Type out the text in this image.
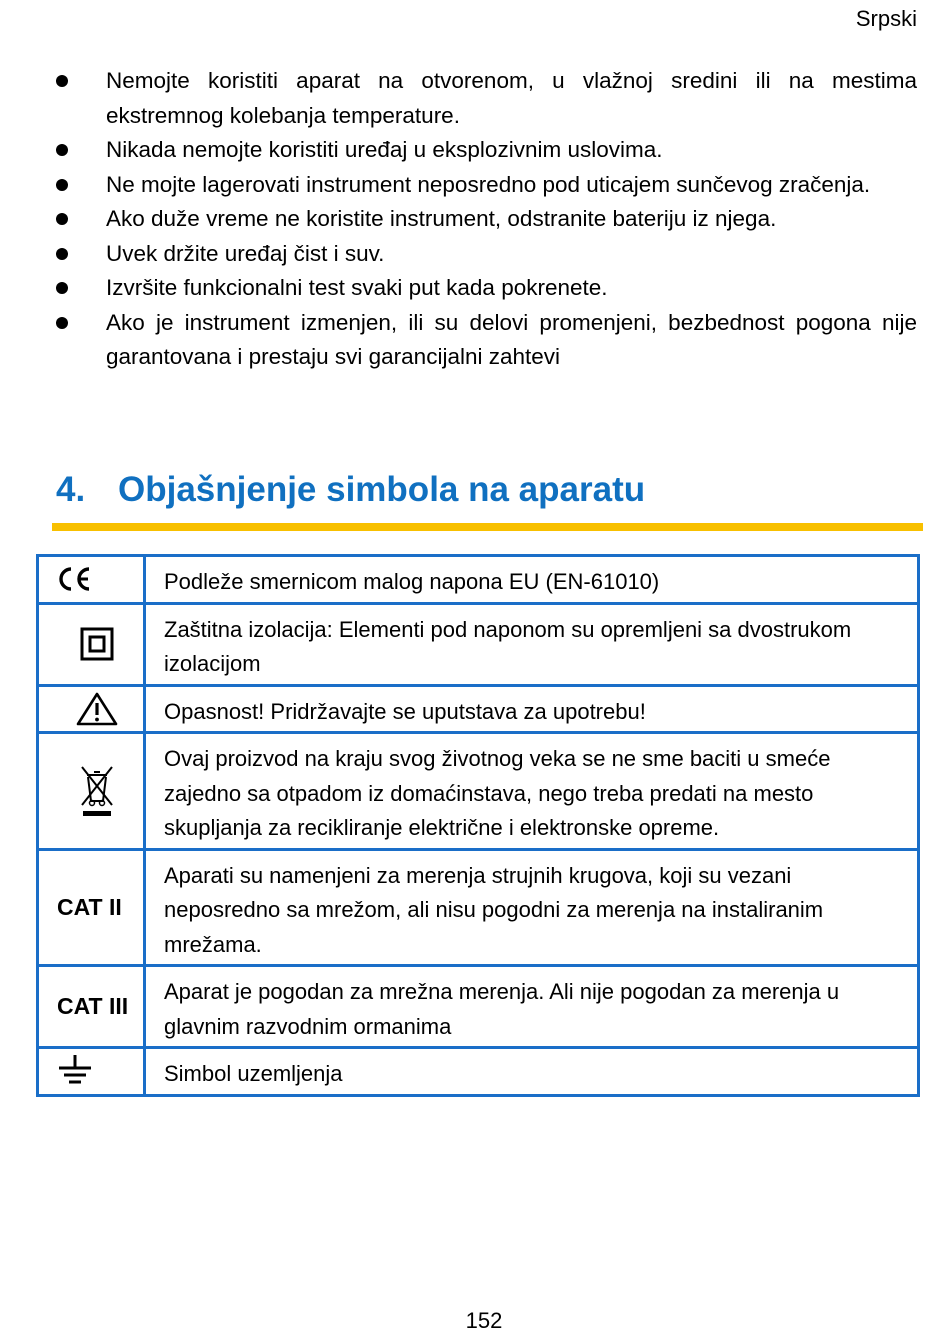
Srpski
Nemojte koristiti aparat na otvorenom, u vlažnoj sredini ili na mestima ekstremnog kolebanja temperature.
Nikada nemojte koristiti uređaj u eksplozivnim uslovima.
Ne mojte lagerovati instrument neposredno pod uticajem sunčevog zračenja.
Ako duže vreme ne koristite instrument, odstranite bateriju iz njega.
Uvek držite uređaj čist i suv.
Izvršite funkcionalni test svaki put kada pokrenete.
Ako je instrument izmenjen, ili su delovi promenjeni, bezbednost pogona nije garantovana i prestaju svi garancijalni zahtevi
4. Objašnjenje simbola na aparatu
	Podleže smernicom malog napona EU (EN-61010)

	Zaštitna izolacija: Elementi pod naponom su opremljeni sa dvostrukom izolacijom

	Opasnost! Pridržavajte se uputstava za upotrebu!

	Ovaj proizvod na kraju svog životnog veka se ne sme baciti u smeće zajedno sa otpadom iz domaćinstava, nego treba predati na mesto skupljanja za recikliranje električne i elektronske opreme.
CAT II	Aparati su namenjeni za merenja strujnih krugova, koji su vezani neposredno sa mrežom, ali nisu pogodni za merenja na instaliranim mrežama.
CAT III	Aparat je pogodan za mrežna merenja. Ali nije pogodan za merenja u glavnim razvodnim ormanima

	Simbol uzemljenja
152
